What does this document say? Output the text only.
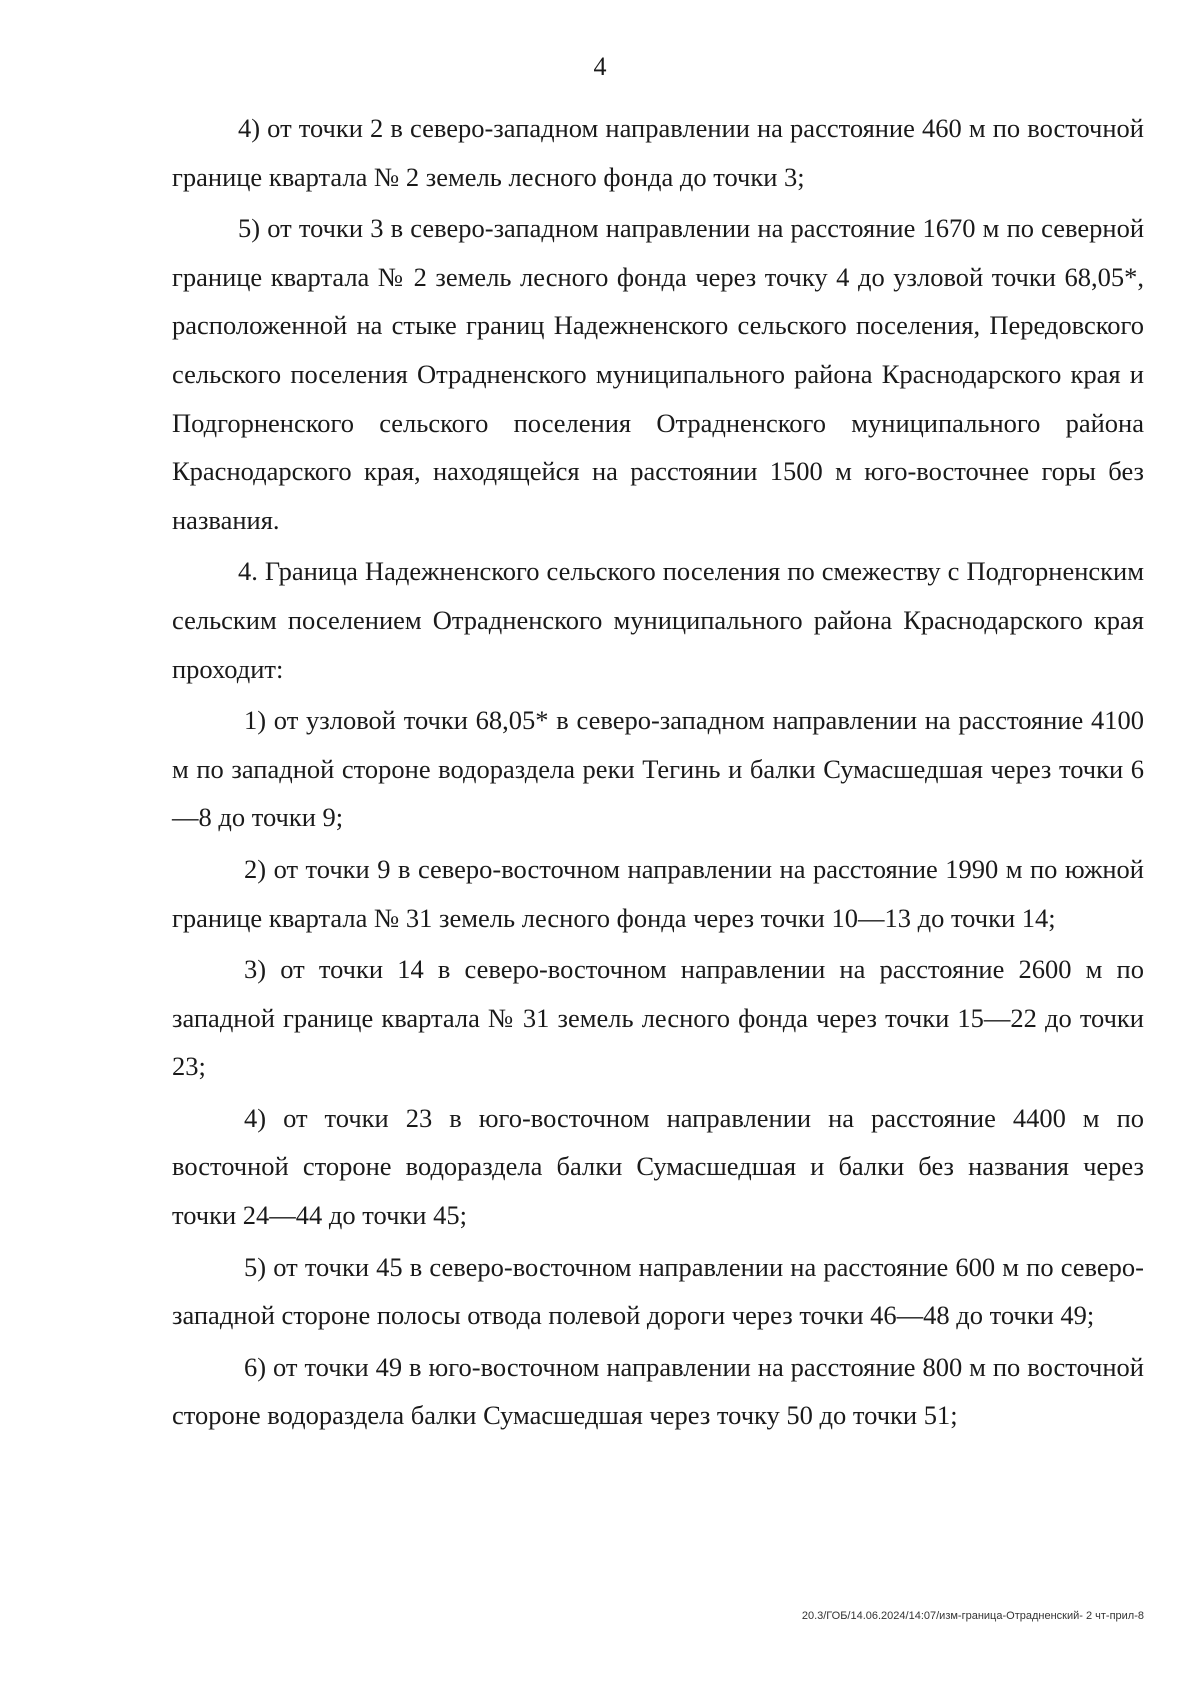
4

4) от точки 2 в северо-западном направлении на расстояние 460 м по восточной границе квартала № 2 земель лесного фонда до точки 3;

5) от точки 3 в северо-западном направлении на расстояние 1670 м по северной границе квартала № 2 земель лесного фонда через точку 4 до узловой точки 68,05*, расположенной на стыке границ Надежненского сельского поселения, Передовского сельского поселения Отрадненского муниципального района Краснодарского края и Подгорненского сельского поселения Отрадненского муниципального района Краснодарского края, находящейся на расстоянии 1500 м юго-восточнее горы без названия.

4. Граница Надежненского сельского поселения по смежеству с Подгорненским сельским поселением Отрадненского муниципального района Краснодарского края проходит:

1) от узловой точки 68,05* в северо-западном направлении на расстояние 4100 м по западной стороне водораздела реки Тегинь и балки Сумасшедшая через точки 6—8 до точки 9;

2) от точки 9 в северо-восточном направлении на расстояние 1990 м по южной границе квартала № 31 земель лесного фонда через точки 10—13 до точки 14;

3) от точки 14 в северо-восточном направлении на расстояние 2600 м по западной границе квартала № 31 земель лесного фонда через точки 15—22 до точки 23;

4) от точки 23 в юго-восточном направлении на расстояние 4400 м по восточной стороне водораздела балки Сумасшедшая и балки без названия через точки 24—44 до точки 45;

5) от точки 45 в северо-восточном направлении на расстояние 600 м по северо-западной стороне полосы отвода полевой дороги через точки 46—48 до точки 49;

6) от точки 49 в юго-восточном направлении на расстояние 800 м по восточной стороне водораздела балки Сумасшедшая через точку 50 до точки 51;

20.3/ГОБ/14.06.2024/14:07/изм-граница-Отрадненский- 2 чт-прил-8
